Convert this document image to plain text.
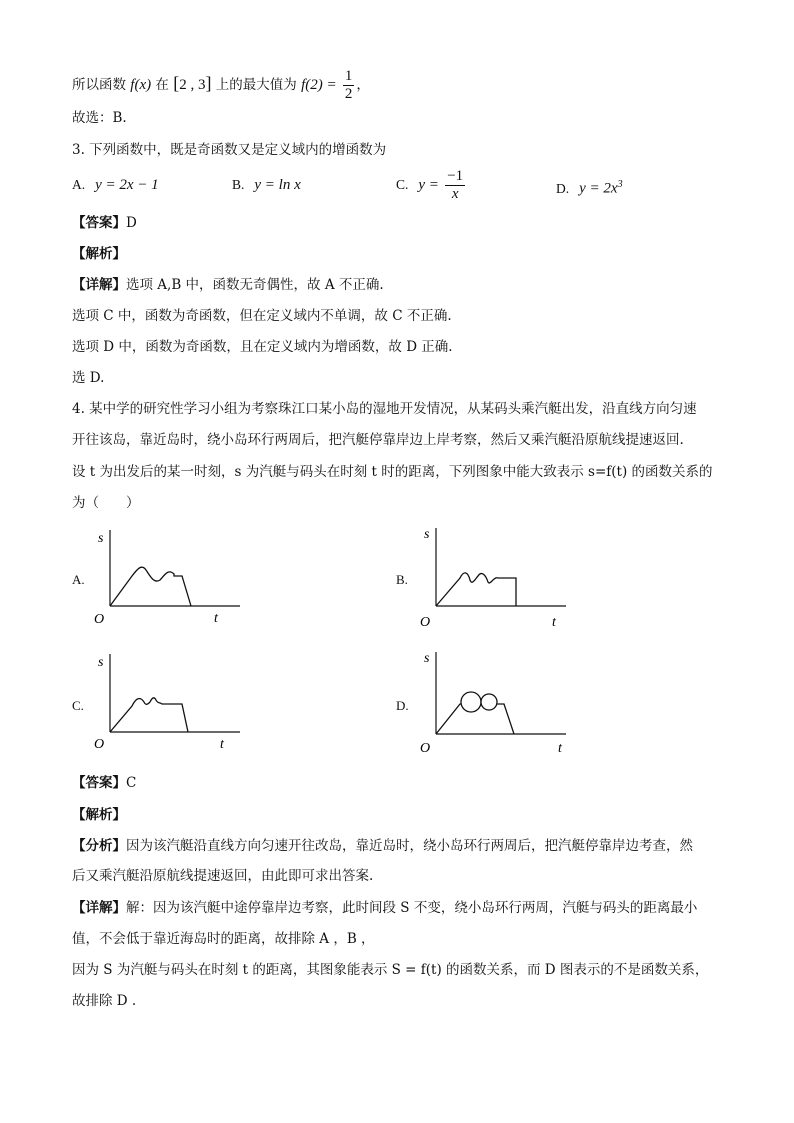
所以函数 f(x) 在 [2 , 3] 上的最大值为 $f(2) = \frac{1}{2}$ ，
故选：B.
3. 下列函数中，既是奇函数又是定义域内的增函数为
A. y = 2x − 1	B. y = ln x	C. $y = \frac{-1}{x}$	D. $y = 2x^3$
【答案】D
【解析】
【详解】选项 A,B 中，函数无奇偶性，故 A 不正确.
选项 C 中，函数为奇函数，但在定义域内不单调，故 C 不正确.
选项 D 中，函数为奇函数，且在定义域内为增函数，故 D 正确.
选 D.
4. 某中学的研究性学习小组为考察珠江口某小岛的湿地开发情况，从某码头乘汽艇出发，沿直线方向匀速
开往该岛，靠近岛时，绕小岛环行两周后，把汽艇停靠岸边上岸考察，然后又乘汽艇沿原航线提速返回.
设 t 为出发后的某一时刻，s 为汽艇与码头在时刻 t 时的距离，下列图象中能大致表示 s=f(t) 的函数关系的
为（　　）
A.
s
t
O
B.
s
t
O
C.
s
t
O
D.
s
t
O
【答案】C
【解析】
【分析】因为该汽艇沿直线方向匀速开往改岛，靠近岛时，绕小岛环行两周后，把汽艇停靠岸边考查，然
后又乘汽艇沿原航线提速返回，由此即可求出答案.
【详解】解：因为该汽艇中途停靠岸边考察，此时间段 S 不变，绕小岛环行两周，汽艇与码头的距离最小
值，不会低于靠近海岛时的距离，故排除 A ，B ，
因为 S 为汽艇与码头在时刻 t 的距离，其图象能表示 S = f(t) 的函数关系，而 D 图表示的不是函数关系，
故排除 D .
